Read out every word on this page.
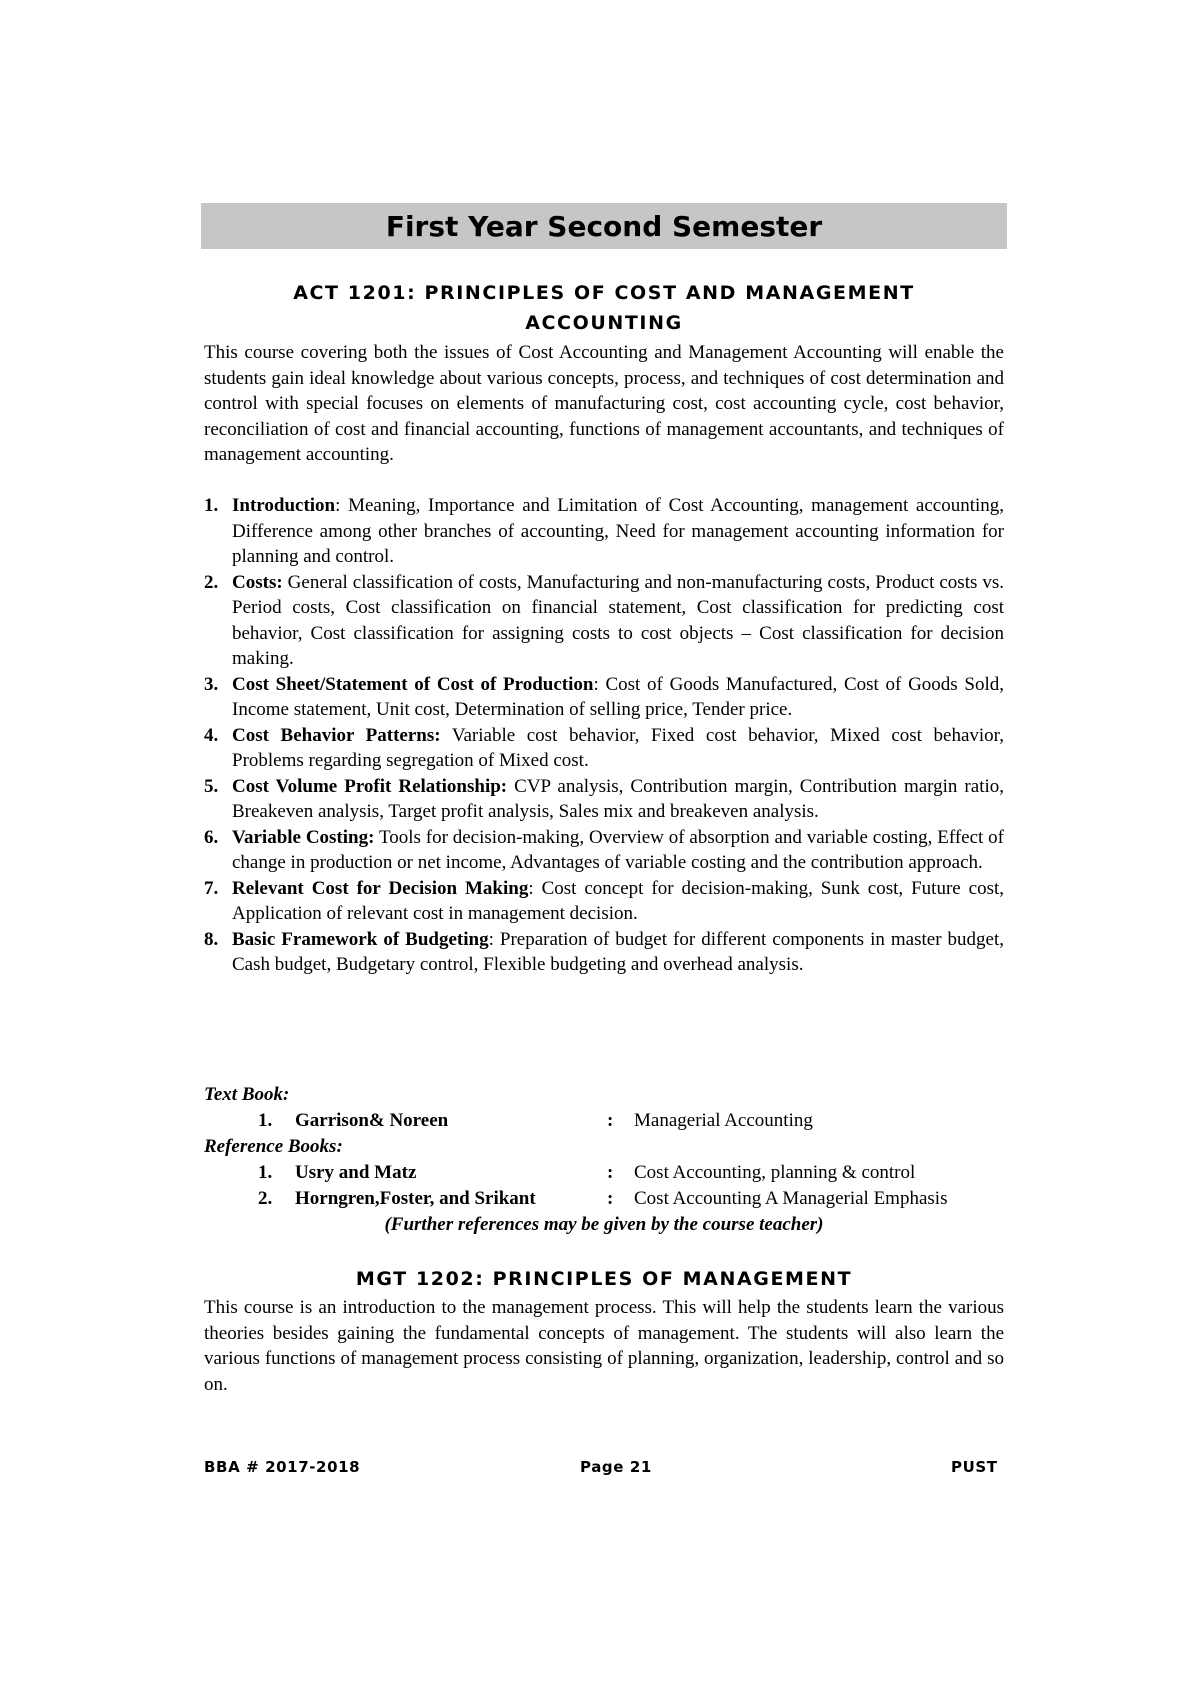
First Year Second Semester
ACT 1201: PRINCIPLES OF COST AND MANAGEMENT
ACCOUNTING
This course covering both the issues of Cost Accounting and Management Accounting will enable the students gain ideal knowledge about various concepts, process, and techniques of cost determination and control with special focuses on elements of manufacturing cost, cost accounting cycle, cost behavior, reconciliation of cost and financial accounting, functions of management accountants, and techniques of management accounting.
1. Introduction: Meaning, Importance and Limitation of Cost Accounting, management accounting, Difference among other branches of accounting, Need for management accounting information for planning and control.
2. Costs: General classification of costs, Manufacturing and non-manufacturing costs, Product costs vs. Period costs, Cost classification on financial statement, Cost classification for predicting cost behavior, Cost classification for assigning costs to cost objects – Cost classification for decision making.
3. Cost Sheet/Statement of Cost of Production: Cost of Goods Manufactured, Cost of Goods Sold, Income statement, Unit cost, Determination of selling price, Tender price.
4. Cost Behavior Patterns: Variable cost behavior, Fixed cost behavior, Mixed cost behavior, Problems regarding segregation of Mixed cost.
5. Cost Volume Profit Relationship: CVP analysis, Contribution margin, Contribution margin ratio, Breakeven analysis, Target profit analysis, Sales mix and breakeven analysis.
6. Variable Costing: Tools for decision-making, Overview of absorption and variable costing, Effect of change in production or net income, Advantages of variable costing and the contribution approach.
7. Relevant Cost for Decision Making: Cost concept for decision-making, Sunk cost, Future cost, Application of relevant cost in management decision.
8. Basic Framework of Budgeting: Preparation of budget for different components in master budget, Cash budget, Budgetary control, Flexible budgeting and overhead analysis.
Text Book:
1. Garrison& Noreen	: Managerial Accounting
Reference Books:
1. Usry and Matz	: Cost Accounting, planning & control
2. Horngren,Foster, and Srikant	: Cost Accounting A Managerial Emphasis
(Further references may be given by the course teacher)
MGT 1202: PRINCIPLES OF MANAGEMENT
This course is an introduction to the management process. This will help the students learn the various theories besides gaining the fundamental concepts of management. The students will also learn the various functions of management process consisting of planning, organization, leadership, control and so on.
BBA # 2017-2018	Page 21	PUST
